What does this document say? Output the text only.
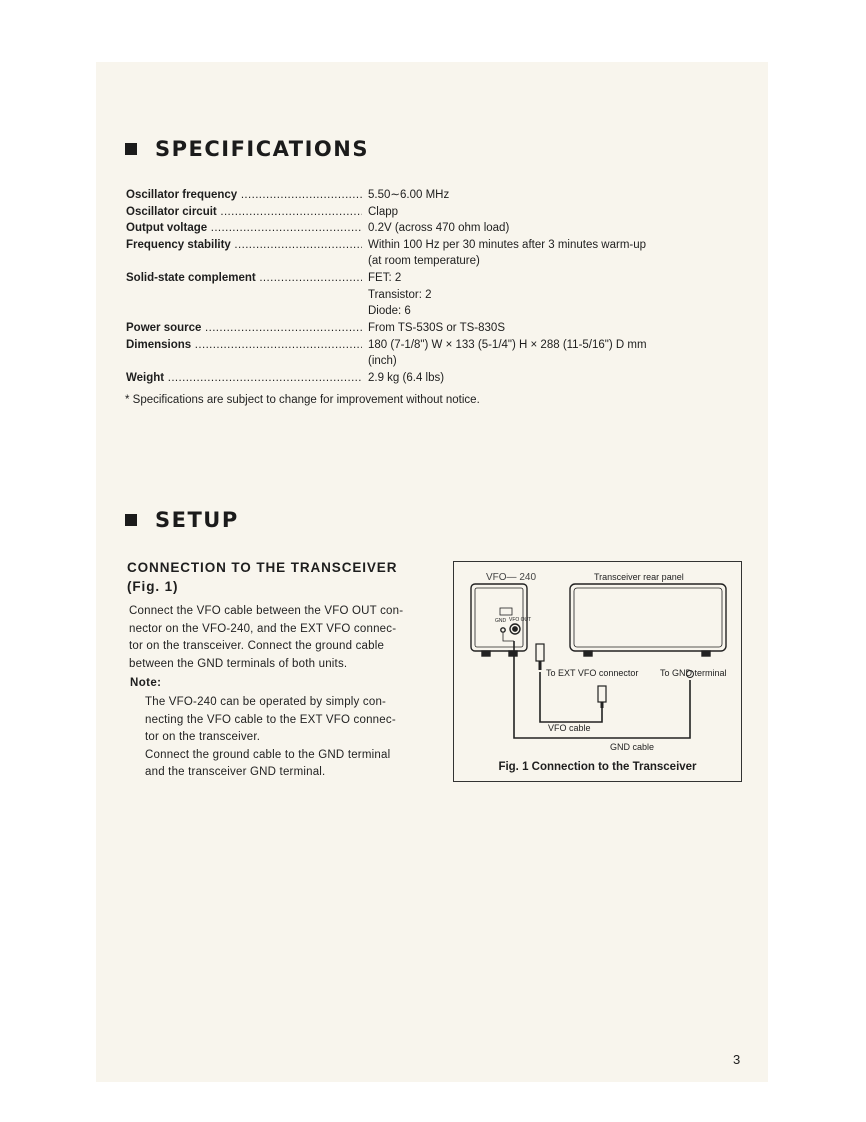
SPECIFICATIONS
Oscillator frequency .....	5.50∼6.00 MHz
Oscillator circuit .....	Clapp
Output voltage .....	0.2V (across 470 ohm load)
Frequency stability .....	Within 100 Hz per 30 minutes after 3 minutes warm-up
(at room temperature)
Solid-state complement .....	FET: 2
Transistor: 2
Diode: 6
Power source .....	From TS-530S or TS-830S
Dimensions .....	180 (7-1/8") W × 133 (5-1/4") H × 288 (11-5/16") D mm
(inch)
Weight .....	2.9 kg (6.4 lbs)
* Specifications are subject to change for improvement without notice.
SETUP
CONNECTION TO THE TRANSCEIVER
(Fig. 1)
Connect the VFO cable between the VFO OUT con-
nector on the VFO-240, and the EXT VFO connec-
tor on the transceiver. Connect the ground cable
between the GND terminals of both units.
Note:
The VFO-240 can be operated by simply con-
necting the VFO cable to the EXT VFO connec-
tor on the transceiver.
Connect the ground cable to the GND terminal
and the transceiver GND terminal.
VFO— 240	Transceiver rear panel
GND VFO OUT
To EXT VFO connector To GND terminal
VFO cable
GND cable
Fig. 1 Connection to the Transceiver
3
